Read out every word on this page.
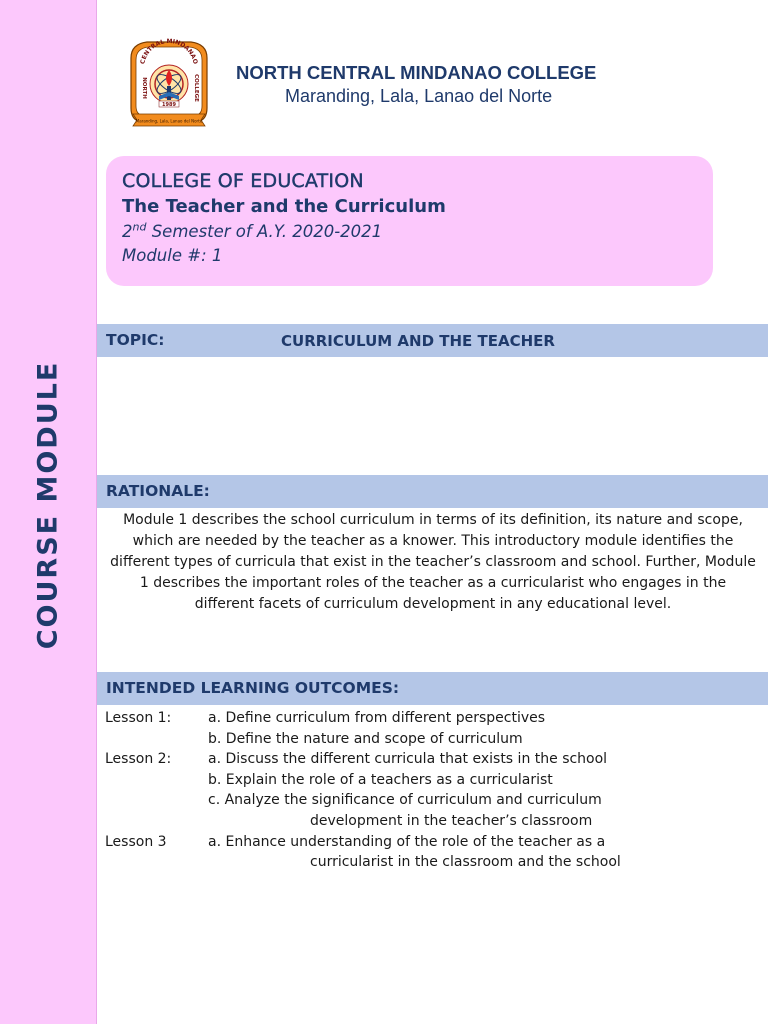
COURSE MODULE
CENTRAL MINDANAO
NORTH	COLLEGE
1989
Maranding, Lala, Lanao del Norte
NORTH CENTRAL MINDANAO COLLEGE
Maranding, Lala, Lanao del Norte

COLLEGE OF EDUCATION

The Teacher and the Curriculum

2nd Semester of A.Y. 2020-2021

Module #: 1

TOPIC:	CURRICULUM AND THE TEACHER
RATIONALE:

Module 1 describes the school curriculum in terms of its definition, its nature and scope, which are needed by the teacher as a knower. This introductory module identifies the different types of curricula that exist in the teacher’s classroom and school. Further, Module 1 describes the important roles of the teacher as a curricularist who engages in the different facets of curriculum development in any educational level.

INTENDED LEARNING OUTCOMES:
Lesson 1:	a. Define curriculum from different perspectives
b. Define the nature and scope of curriculum
Lesson 2:	a. Discuss the different curricula that exists in the school
b. Explain the role of a teachers as a curricularist
c. Analyze the significance of curriculum and curriculum
development in the teacher’s classroom
Lesson 3	a. Enhance understanding of the role of the teacher as a
curricularist in the classroom and the school
